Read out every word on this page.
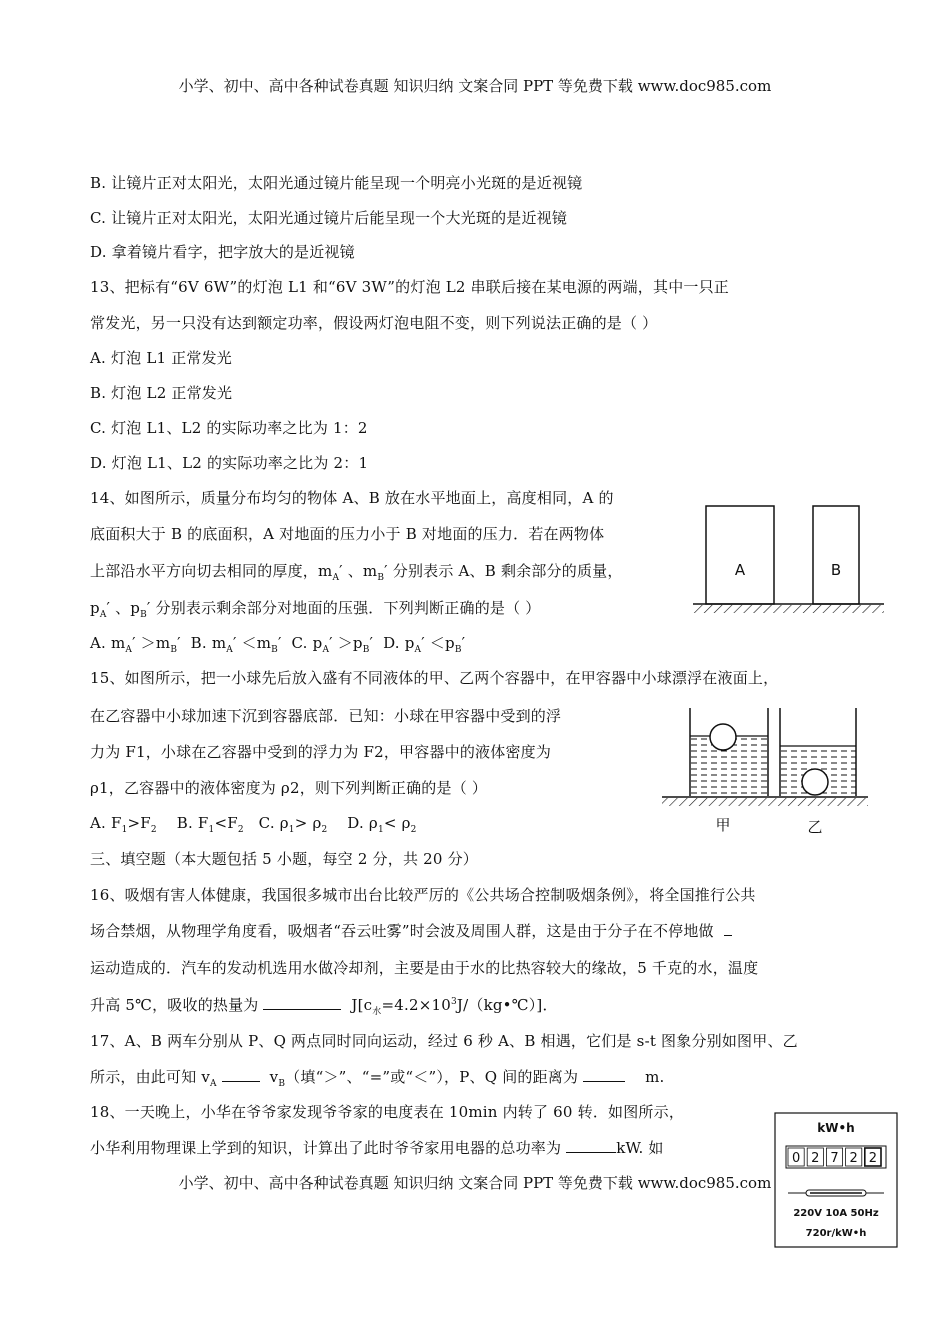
小学、初中、高中各种试卷真题 知识归纳 文案合同 PPT 等免费下载 www.doc985.com
B. 让镜片正对太阳光，太阳光通过镜片能呈现一个明亮小光斑的是近视镜
C. 让镜片正对太阳光，太阳光通过镜片后能呈现一个大光斑的是近视镜
D. 拿着镜片看字，把字放大的是近视镜
13、把标有“6V 6W”的灯泡 L1 和“6V 3W”的灯泡 L2 串联后接在某电源的两端，其中一只正
常发光，另一只没有达到额定功率，假设两灯泡电阻不变，则下列说法正确的是（ ）
A. 灯泡 L1 正常发光
B. 灯泡 L2 正常发光
C. 灯泡 L1、L2 的实际功率之比为 1：2
D. 灯泡 L1、L2 的实际功率之比为 2：1
14、如图所示，质量分布均匀的物体 A、B 放在水平地面上，高度相同，A 的
底面积大于 B 的底面积，A 对地面的压力小于 B 对地面的压力．若在两物体
上部沿水平方向切去相同的厚度，$m_A'$ 、$m_B'$ 分别表示 A、B 剩余部分的质量，
$p_A'$ 、$p_B'$ 分别表示剩余部分对地面的压强．下列判断正确的是（ ）
A. $m_A' >m_B'$  B. $m_A' <m_B'$  C. $p_A' >p_B'$  D. $p_A' <p_B'$
A	B
15、如图所示，把一小球先后放入盛有不同液体的甲、乙两个容器中，在甲容器中小球漂浮在液面上，
在乙容器中小球加速下沉到容器底部．已知：小球在甲容器中受到的浮
力为 F1，小球在乙容器中受到的浮力为 F2，甲容器中的液体密度为
ρ1，乙容器中的液体密度为 ρ2，则下列判断正确的是（ ）
A. $F_1>F_2$ B. $F_1<F_2$ C. $\rho_1> \rho_2$ D. $\rho_1< \rho_2$	甲	乙
三、填空题（本大题包括 5 小题，每空 2 分，共 20 分）
16、吸烟有害人体健康，我国很多城市出台比较严厉的《公共场合控制吸烟条例》，将全国推行公共
场合禁烟，从物理学角度看，吸烟者“吞云吐雾”时会波及周围人群，这是由于分子在不停地做
运动造成的．汽车的发动机选用水做冷却剂，主要是由于水的比热容较大的缘故，5 千克的水，温度
升高 5℃，吸收的热量为	$J[c_水=4.2\times 10^3J/(kg•℃)]$．
17、A、B 两车分别从 P、Q 两点同时同向运动，经过 6 秒 A、B 相遇，它们是 s-t 图象分别如图甲、乙
所示，由此可知 $v_A$	$v_B$（填“＞”、“=”或“＜”），P、Q 间的距离为	m.
18、一天晚上，小华在爷爷家发现爷爷家的电度表在 10min 内转了 60 转．如图所示，
小华利用物理课上学到的知识，计算出了此时爷爷家用电器的总功率为	kW. 如
小学、初中、高中各种试卷真题 知识归纳 文案合同 PPT 等免费下载 www.doc985.com
kW•h
0 2 7 2 2
220V 10A 50Hz
720r/kW•h
